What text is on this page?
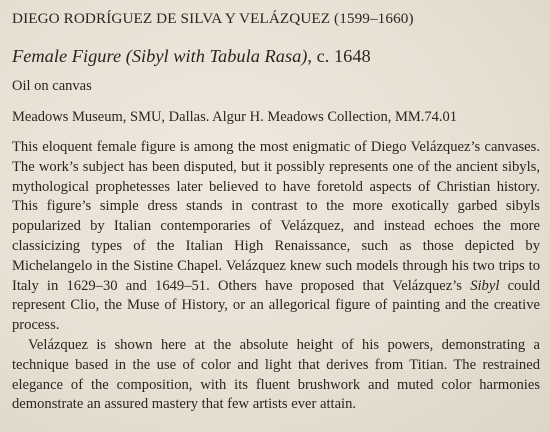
DIEGO RODRÍGUEZ DE SILVA Y VELÁZQUEZ (1599–1660)
Female Figure (Sibyl with Tabula Rasa), c. 1648
Oil on canvas
Meadows Museum, SMU, Dallas. Algur H. Meadows Collection, MM.74.01

This eloquent female figure is among the most enigmatic of Diego Velázquez’s canvases. The work’s subject has been disputed, but it possibly represents one of the ancient sibyls, mythological prophetesses later believed to have foretold aspects of Christian history. This figure’s simple dress stands in contrast to the more exotically garbed sibyls popularized by Italian contemporaries of Velázquez, and instead echoes the more classicizing types of the Italian High Renaissance, such as those depicted by Michelangelo in the Sistine Chapel. Velázquez knew such models through his two trips to Italy in 1629–30 and 1649–51. Others have proposed that Velázquez’s Sibyl could represent Clio, the Muse of History, or an allegorical figure of painting and the creative process.

Velázquez is shown here at the absolute height of his powers, demonstrating a technique based in the use of color and light that derives from Titian. The restrained elegance of the composition, with its fluent brushwork and muted color harmonies demonstrate an assured mastery that few artists ever attain.
